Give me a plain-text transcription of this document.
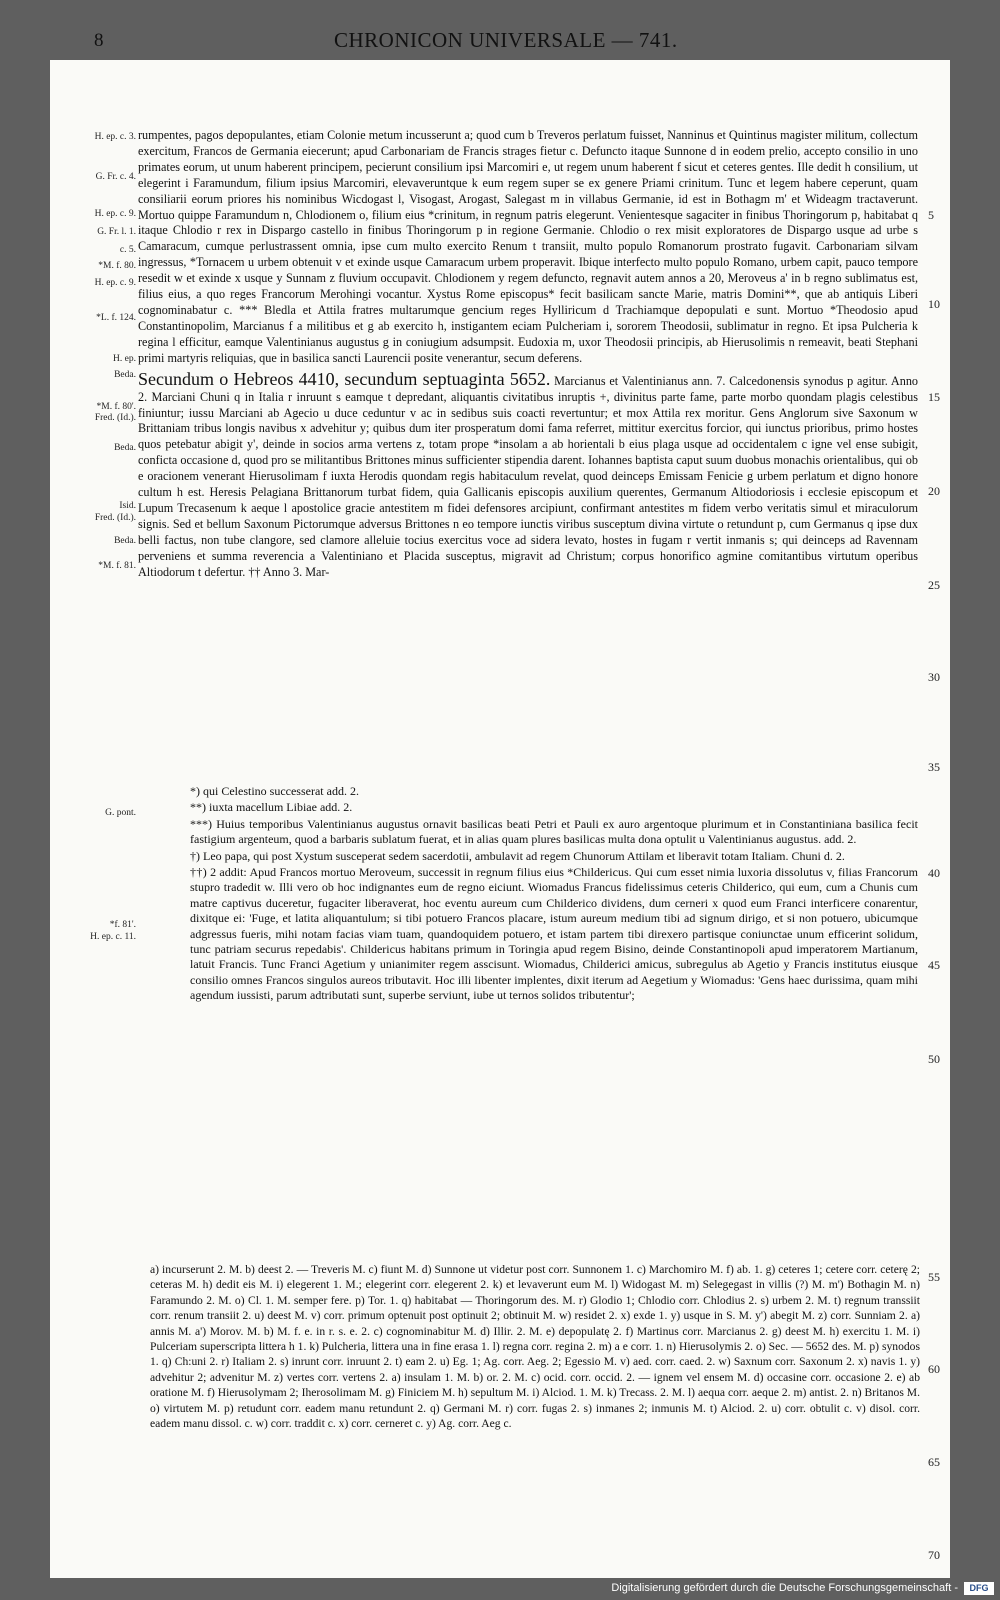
8	CHRONICON UNIVERSALE — 741.
H. ep. c. 3.
G. Fr. c. 4.
H. ep. c. 9.
G. Fr. l. 1.
c. 5.
*M. f. 80.
H. ep. c. 9.
*L. f. 124.
H. ep.
Beda.
*M. f. 80'.
Fred. (Id.).
Beda.
Isid.
Fred. (Id.).
Beda.
*M. f. 81.
G. pont.
*f. 81'.
H. ep. c. 11.
5
10
15
20
25
30
35
40
45
50
55
60
65
70

rumpentes, pagos depopulantes, etiam Colonie metum incusserunt a; quod cum b Treveros perlatum fuisset, Nanninus et Quintinus magister militum, collectum exercitum, Francos de Germania eiecerunt; apud Carbonariam de Francis strages fietur c. Defuncto itaque Sunnone d in eodem prelio, accepto consilio in uno primates eorum, ut unum haberent principem, pecierunt consilium ipsi Marcomiri e, ut regem unum haberent f sicut et ceteres gentes. Ille dedit h consilium, ut elegerint i Faramundum, filium ipsius Marcomiri, elevaveruntque k eum regem super se ex genere Priami crinitum. Tunc et legem habere ceperunt, quam consiliarii eorum priores his nominibus Wicdogast l, Visogast, Arogast, Salegast m in villabus Germanie, id est in Bothagm m' et Wideagm tractaverunt. Mortuo quippe Faramundum n, Chlodionem o, filium eius *crinitum, in regnum patris elegerunt. Venientesque sagaciter in finibus Thoringorum p, habitabat q itaque Chlodio r rex in Dispargo castello in finibus Thoringorum p in regione Germanie. Chlodio o rex misit exploratores de Dispargo usque ad urbe s Camaracum, cumque perlustrassent omnia, ipse cum multo exercito Renum t transiit, multo populo Romanorum prostrato fugavit. Carbonariam silvam ingressus, *Tornacem u urbem obtenuit v et exinde usque Camaracum urbem properavit. Ibique interfecto multo populo Romano, urbem capit, pauco tempore resedit w et exinde x usque y Sunnam z fluvium occupavit. Chlodionem y regem defuncto, regnavit autem annos a 20, Meroveus a' in b regno sublimatus est, filius eius, a quo reges Francorum Merohingi vocantur. Xystus Rome episcopus* fecit basilicam sancte Marie, matris Domini**, que ab antiquis Liberi cognominabatur c. *** Bledla et Attila fratres multarumque gencium reges Hylliricum d Trachiamque depopulati e sunt. Mortuo *Theodosio apud Constantinopolim, Marcianus f a militibus et g ab exercito h, instigantem eciam Pulcheriam i, sororem Theodosii, sublimatur in regno. Et ipsa Pulcheria k regina l efficitur, eamque Valentinianus augustus g in coniugium adsumpsit. Eudoxia m, uxor Theodosii principis, ab Hierusolimis n remeavit, beati Stephani primi martyris reliquias, que in basilica sancti Laurencii posite venerantur, secum deferens.

Secundum o Hebreos 4410, secundum septuaginta 5652. Marcianus et Valentinianus ann. 7. Calcedonensis synodus p agitur. Anno 2. Marciani Chuni q in Italia r inruunt s eamque t depredant, aliquantis civitatibus inruptis +, divinitus parte fame, parte morbo quondam plagis celestibus finiuntur; iussu Marciani ab Agecio u duce ceduntur v ac in sedibus suis coacti revertuntur; et mox Attila rex moritur. Gens Anglorum sive Saxonum w Brittaniam tribus longis navibus x advehitur y; quibus dum iter prosperatum domi fama referret, mittitur exercitus forcior, qui iunctus prioribus, primo hostes quos petebatur abigit y', deinde in socios arma vertens z, totam prope *insolam a ab horientali b eius plaga usque ad occidentalem c igne vel ense subigit, conficta occasione d, quod pro se militantibus Brittones minus sufficienter stipendia darent. Iohannes baptista caput suum duobus monachis orientalibus, qui ob e oracionem venerant Hierusolimam f iuxta Herodis quondam regis habitaculum revelat, quod deinceps Emissam Fenicie g urbem perlatum et digno honore cultum h est. Heresis Pelagiana Brittanorum turbat fidem, quia Gallicanis episcopis auxilium querentes, Germanum Altiodoriosis i ecclesie episcopum et Lupum Trecasenum k aeque l apostolice gracie antestitem m fidei defensores arcipiunt, confirmant antestites m fidem verbo veritatis simul et miraculorum signis. Sed et bellum Saxonum Pictorumque adversus Brittones n eo tempore iunctis viribus susceptum divina virtute o retundunt p, cum Germanus q ipse dux belli factus, non tube clangore, sed clamore alleluie tocius exercitus voce ad sidera levato, hostes in fugam r vertit inmanis s; qui deinceps ad Ravennam perveniens et summa reverencia a Valentiniano et Placida susceptus, migravit ad Christum; corpus honorifico agmine comitantibus virtutum operibus Altiodorum t defertur. †† Anno 3. Mar-

*) qui Celestino successerat add. 2.

**) iuxta macellum Libiae add. 2.

***) Huius temporibus Valentinianus augustus ornavit basilicas beati Petri et Pauli ex auro argentoque plurimum et in Constantiniana basilica fecit fastigium argenteum, quod a barbaris sublatum fuerat, et in alias quam plures basilicas multa dona optulit u Valentinianus augustus. add. 2.

†) Leo papa, qui post Xystum susceperat sedem sacerdotii, ambulavit ad regem Chunorum Attilam et liberavit totam Italiam. Chuni d. 2.

††) 2 addit: Apud Francos mortuo Meroveum, successit in regnum filius eius *Childericus. Qui cum esset nimia luxoria dissolutus v, filias Francorum stupro tradedit w. Illi vero ob hoc indignantes eum de regno eiciunt. Wiomadus Francus fidelissimus ceteris Childerico, qui eum, cum a Chunis cum matre captivus duceretur, fugaciter liberaverat, hoc eventu aureum cum Childerico dividens, dum cerneri x quod eum Franci interficere conarentur, dixitque ei: 'Fuge, et latita aliquantulum; si tibi potuero Francos placare, istum aureum medium tibi ad signum dirigo, et si non potuero, ubicumque adgressus fueris, mihi notam facias viam tuam, quandoquidem potuero, et istam partem tibi direxero partisque coniunctae unum efficerint solidum, tunc patriam securus repedabis'. Childericus habitans primum in Toringia apud regem Bisino, deinde Constantinopoli apud imperatorem Martianum, latuit Francis. Tunc Franci Agetium y unianimiter regem asscisunt. Wiomadus, Childerici amicus, subregulus ab Agetio y Francis institutus eiusque consilio omnes Francos singulos aureos tributavit. Hoc illi libenter implentes, dixit iterum ad Aegetium y Wiomadus: 'Gens haec durissima, quam mihi agendum iussisti, parum adtributati sunt, superbe serviunt, iube ut ternos solidos tributentur';

a) incurserunt 2. M. b) deest 2. — Treveris M. c) fiunt M. d) Sunnone ut videtur post corr. Sunnonem 1. c) Marchomiro M. f) ab. 1. g) ceteres 1; cetere corr. ceterę 2; ceteras M. h) dedit eis M. i) elegerent 1. M.; elegerint corr. elegerent 2. k) et levaverunt eum M. l) Widogast M. m) Selegegast in villis (?) M. m') Bothagin M. n) Faramundo 2. M. o) Cl. 1. M. semper fere. p) Tor. 1. q) habitabat — Thoringorum des. M. r) Glodio 1; Chlodio corr. Chlodius 2. s) urbem 2. M. t) regnum transsiit corr. renum transiit 2. u) deest M. v) corr. primum optenuit post optinuit 2; obtinuit M. w) residet 2. x) exde 1. y) usque in S. M. y') abegit M. z) corr. Sunniam 2. a) annis M. a') Morov. M. b) M. f. e. in r. s. e. 2. c) cognominabitur M. d) Illir. 2. M. e) depopulatę 2. f) Martinus corr. Marcianus 2. g) deest M. h) exercitu 1. M. i) Pulceriam superscripta littera h 1. k) Pulcheria, littera una in fine erasa 1. l) regna corr. regina 2. m) a e corr. 1. n) Hierusolymis 2. o) Sec. — 5652 des. M. p) synodos 1. q) Ch:uni 2. r) Italiam 2. s) inrunt corr. inruunt 2. t) eam 2. u) Eg. 1; Ag. corr. Aeg. 2; Egessio M. v) aed. corr. caed. 2. w) Saxnum corr. Saxonum 2. x) navis 1. y) advehitur 2; advenitur M. z) vertes corr. vertens 2. a) insulam 1. M. b) or. 2. M. c) ocid. corr. occid. 2. — ignem vel ensem M. d) occasine corr. occasione 2. e) ab oratione M. f) Hierusolymam 2; Iherosolimam M. g) Finiciem M. h) sepultum M. i) Alciod. 1. M. k) Trecass. 2. M. l) aequa corr. aeque 2. m) antist. 2. n) Britanos M. o) virtutem M. p) retudunt corr. eadem manu retundunt 2. q) Germani M. r) corr. fugas 2. s) inmanes 2; inmunis M. t) Alciod. 2. u) corr. obtulit c. v) disol. corr. eadem manu dissol. c. w) corr. traddit c. x) corr. cerneret c. y) Ag. corr. Aeg c.
Digitalisierung gefördert durch die Deutsche Forschungsgemeinschaft -	DFG
